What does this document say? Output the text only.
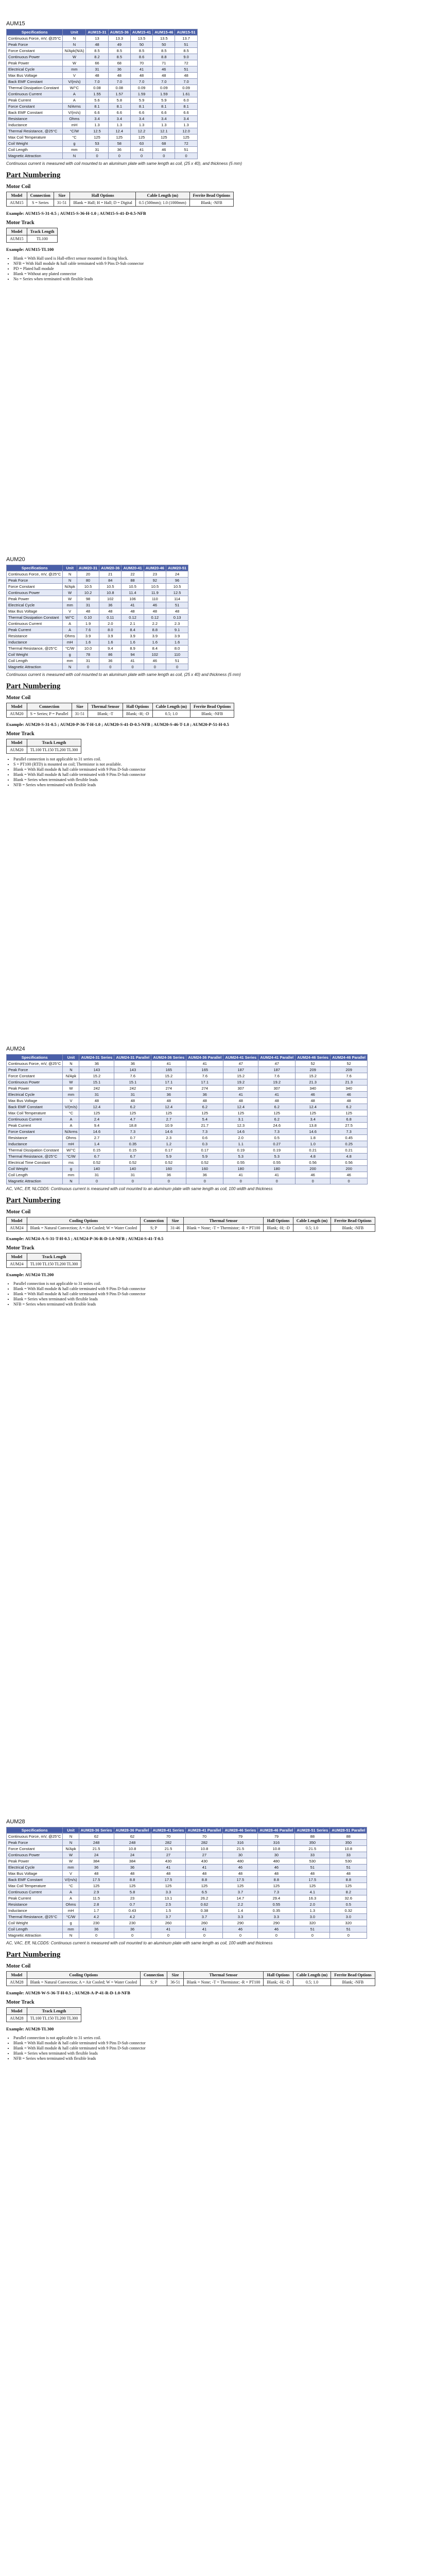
AUM15
Specifications	Unit	AUM15-31	AUM15-36	AUM15-41	AUM15-46	AUM15-51
Continuous Force, mV, @25°C	N	13	13.3	13.5	13.5	13.7
Peak Force	N	48	49	50	50	51
Force Constant	N/Apk(N/A)	8.5	8.5	8.5	8.5	8.5
Continuous Power	W	8.2	8.5	8.6	8.8	9.0
Peak Power	W	66	68	70	71	72
Electrical Cycle	mm	31	36	41	46	51
Max Bus Voltage	V	48	48	48	48	48
Back EMF Constant	V/(m/s)	7.0	7.0	7.0	7.0	7.0
Thermal Dissipation Constant	W/°C	0.08	0.08	0.09	0.09	0.09
Continuous Current	A	1.55	1.57	1.59	1.59	1.61
Peak Current	A	5.6	5.8	5.9	5.9	6.0
Force Constant	N/Arms	8.1	8.1	8.1	8.1	8.1
Back EMF Constant	V/(m/s)	6.6	6.6	6.6	6.6	6.6
Resistance	Ohms	3.4	3.4	3.4	3.4	3.4
Inductance	mH	1.3	1.3	1.3	1.3	1.3
Thermal Resistance, @25°C	°C/W	12.5	12.4	12.2	12.1	12.0
Max Coil Temperature	°C	125	125	125	125	125
Coil Weight	g	53	58	63	68	72
Coil Length	mm	31	36	41	46	51
Magnetic Attraction	N	0	0	0	0	0
Continuous current is measured with coil mounted to an aluminum plate with same length as coil, (25 x 40), and thickness (5 mm)
Part Numbering
Motor Coil
Model	Connection	Size	Hall Options	Cable Length (m)	Ferrite Bead Options
AUM15	S = Series	31-51	Blank = Hall; H = Hall; D = Digital	0.5 (500mm); 1.0 (1000mm)	Blank; -NFB
Example: AUM15-S-31-0.5 ; AUM15-S-36-H-1.0 ; AUM15-S-41-D-0.5-NFB
Motor Track
Model	Track Length
AUM15	TL100
Example: AUM15-TL100
• Blank = With Hall used is Hall-effect sensor mounted in fixing block.
• NFB = With Hall module & hall cable terminated with 9 Pins D-Sub connector
• PD = Plated hall module
• Blank = Without any plated connector
• No = Series when terminated with flexible leads
AUM20
Specifications	Unit	AUM20-31	AUM20-36	AUM20-41	AUM20-46	AUM20-51
Continuous Force, mV, @25°C	N	20	21	22	23	24
Peak Force	N	80	84	88	92	96
Force Constant	N/Apk	10.5	10.5	10.5	10.5	10.5
Continuous Power	W	10.2	10.8	11.4	11.9	12.5
Peak Power	W	98	102	106	110	114
Electrical Cycle	mm	31	36	41	46	51
Max Bus Voltage	V	48	48	48	48	48
Thermal Dissipation Constant	W/°C	0.10	0.11	0.12	0.12	0.13
Continuous Current	A	1.9	2.0	2.1	2.2	2.3
Peak Current	A	7.6	8.0	8.4	8.8	9.1
Resistance	Ohms	3.9	3.9	3.9	3.9	3.9
Inductance	mH	1.6	1.6	1.6	1.6	1.6
Thermal Resistance, @25°C	°C/W	10.0	9.4	8.9	8.4	8.0
Coil Weight	g	78	86	94	102	110
Coil Length	mm	31	36	41	46	51
Magnetic Attraction	N	0	0	0	0	0
Continuous current is measured with coil mounted to an aluminum plate with same length as coil, (25 x 40) and thickness (5 mm)
Part Numbering
Motor Coil
Model	Connection	Size	Thermal Sensor	Hall Options	Cable Length (m)	Ferrite Bead Options
AUM20	S = Series; P = Parallel	31-51	Blank; -T	Blank; -H; -D	0.5; 1.0	Blank; -NFB
Example: AUM20-S-31-0.5 ; AUM20-P-36-T-H-1.0 ; AUM20-S-41-D-0.5-NFB ; AUM20-S-46-T-1.0 ; AUM20-P-51-H-0.5
Motor Track
Model	Track Length
AUM20	TL100 TL150 TL200 TL300
• Parallel connection is not applicable to 31 series coil.
• S = PT100 (RTD) is mounted on coil; Thermistor is not available.
• Blank = With Hall module & hall cable terminated with 9 Pins D-Sub connector
• Blank = With Hall module & hall cable terminated with 9 Pins D-Sub connector
• Blank = Series when terminated with flexible leads
• NFB = Series when terminated with flexible leads
AUM24
Specifications	Unit	AUM24-31 Series	AUM24-31 Parallel	AUM24-36 Series	AUM24-36 Parallel	AUM24-41 Series	AUM24-41 Parallel	AUM24-46 Series	AUM24-46 Parallel
Continuous Force, mV, @25°C	N	36	36	41	41	47	47	52	52
Peak Force	N	143	143	165	165	187	187	209	209
Force Constant	N/Apk	15.2	7.6	15.2	7.6	15.2	7.6	15.2	7.6
Continuous Power	W	15.1	15.1	17.1	17.1	19.2	19.2	21.3	21.3
Peak Power	W	242	242	274	274	307	307	340	340
Electrical Cycle	mm	31	31	36	36	41	41	46	46
Max Bus Voltage	V	48	48	48	48	48	48	48	48
Back EMF Constant	V/(m/s)	12.4	6.2	12.4	6.2	12.4	6.2	12.4	6.2
Max Coil Temperature	°C	125	125	125	125	125	125	125	125
Continuous Current	A	2.4	4.7	2.7	5.4	3.1	6.2	3.4	6.8
Peak Current	A	9.4	18.8	10.9	21.7	12.3	24.6	13.8	27.5
Force Constant	N/Arms	14.6	7.3	14.6	7.3	14.6	7.3	14.6	7.3
Resistance	Ohms	2.7	0.7	2.3	0.6	2.0	0.5	1.8	0.45
Inductance	mH	1.4	0.35	1.2	0.3	1.1	0.27	1.0	0.25
Thermal Dissipation Constant	W/°C	0.15	0.15	0.17	0.17	0.19	0.19	0.21	0.21
Thermal Resistance, @25°C	°C/W	6.7	6.7	5.9	5.9	5.3	5.3	4.8	4.8
Electrical Time Constant	ms	0.52	0.52	0.52	0.52	0.55	0.55	0.56	0.56
Coil Weight	g	140	140	160	160	180	180	200	200
Coil Length	mm	31	31	36	36	41	41	46	46
Magnetic Attraction	N	0	0	0	0	0	0	0	0
AC, VAC, Eff, NLCDD5: Continuous current is measured with coil mounted to an aluminum plate with same length as coil, 100 width and thickness
Part Numbering
Motor Coil
Model	Cooling Options	Connection	Size	Thermal Sensor	Hall Options	Cable Length (m)	Ferrite Bead Options
AUM24	Blank = Natural Convection; A = Air Cooled; W = Water Cooled	S; P	31-46	Blank = None; -T = Thermistor; -R = PT100	Blank; -H; -D	0.5; 1.0	Blank; -NFB
Example: AUM24-A-S-31-T-H-0.5 ; AUM24-P-36-R-D-1.0-NFB ; AUM24-S-41-T-0.5
Motor Track
Model	Track Length
AUM24	TL100 TL150 TL200 TL300
Example: AUM24-TL200
• Parallel connection is not applicable to 31 series coil.
• Blank = With Hall module & hall cable terminated with 9 Pins D-Sub connector
• Blank = With Hall module & hall cable terminated with 9 Pins D-Sub connector
• Blank = Series when terminated with flexible leads
• NFB = Series when terminated with flexible leads
AUM28
Specifications	Unit	AUM28-36 Series	AUM28-36 Parallel	AUM28-41 Series	AUM28-41 Parallel	AUM28-46 Series	AUM28-46 Parallel	AUM28-51 Series	AUM28-51 Parallel
Continuous Force, mV, @25°C	N	62	62	70	70	79	79	88	88
Peak Force	N	248	248	282	282	316	316	350	350
Force Constant	N/Apk	21.5	10.8	21.5	10.8	21.5	10.8	21.5	10.8
Continuous Power	W	24	24	27	27	30	30	33	33
Peak Power	W	384	384	430	430	480	480	530	530
Electrical Cycle	mm	36	36	41	41	46	46	51	51
Max Bus Voltage	V	48	48	48	48	48	48	48	48
Back EMF Constant	V/(m/s)	17.5	8.8	17.5	8.8	17.5	8.8	17.5	8.8
Max Coil Temperature	°C	125	125	125	125	125	125	125	125
Continuous Current	A	2.9	5.8	3.3	6.5	3.7	7.3	4.1	8.2
Peak Current	A	11.5	23	13.1	26.2	14.7	29.4	16.3	32.6
Resistance	Ohms	2.8	0.7	2.5	0.62	2.2	0.55	2.0	0.5
Inductance	mH	1.7	0.43	1.5	0.38	1.4	0.35	1.3	0.32
Thermal Resistance, @25°C	°C/W	4.2	4.2	3.7	3.7	3.3	3.3	3.0	3.0
Coil Weight	g	230	230	260	260	290	290	320	320
Coil Length	mm	36	36	41	41	46	46	51	51
Magnetic Attraction	N	0	0	0	0	0	0	0	0
AC, VAC, Eff, NLCDD5: Continuous current is measured with coil mounted to an aluminum plate with same length as coil, 100 width and thickness
Part Numbering
Motor Coil
Model	Cooling Options	Connection	Size	Thermal Sensor	Hall Options	Cable Length (m)	Ferrite Bead Options
AUM28	Blank = Natural Convection; A = Air Cooled; W = Water Cooled	S; P	36-51	Blank = None; -T = Thermistor; -R = PT100	Blank; -H; -D	0.5; 1.0	Blank; -NFB
Example: AUM28-W-S-36-T-H-0.5 ; AUM28-A-P-41-R-D-1.0-NFB
Motor Track
Model	Track Length
AUM28	TL100 TL150 TL200 TL300
Example: AUM28-TL300
• Parallel connection is not applicable to 31 series coil.
• Blank = With Hall module & hall cable terminated with 9 Pins D-Sub connector
• Blank = With Hall module & hall cable terminated with 9 Pins D-Sub connector
• Blank = Series when terminated with flexible leads
• NFB = Series when terminated with flexible leads
